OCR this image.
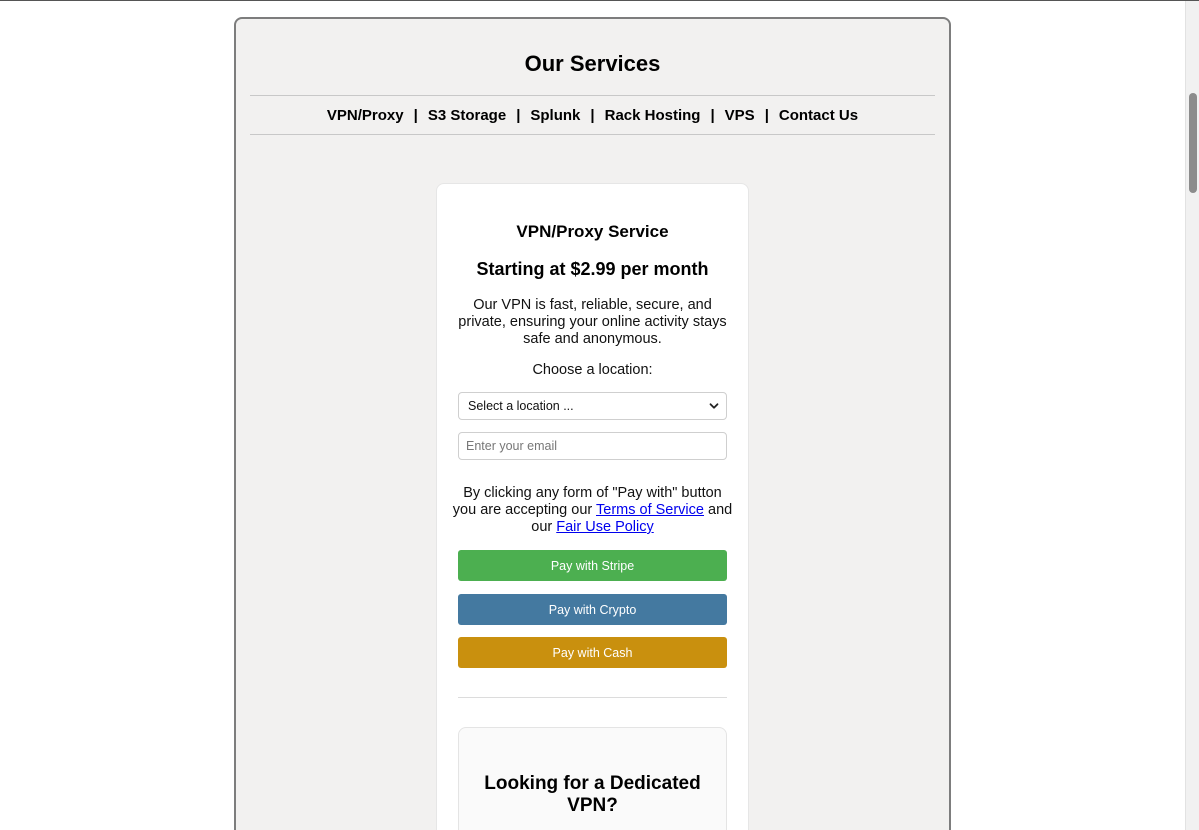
Our Services
VPN/Proxy | S3 Storage | Splunk | Rack Hosting | VPS | Contact Us
VPN/Proxy Service
Starting at $2.99 per month
Our VPN is fast, reliable, secure, and private, ensuring your online activity stays safe and anonymous.
Choose a location:
Select a location ...
Enter your email
By clicking any form of "Pay with" button you are accepting our Terms of Service and our Fair Use Policy
Pay with Stripe
Pay with Crypto
Pay with Cash
Looking for a Dedicated VPN?
